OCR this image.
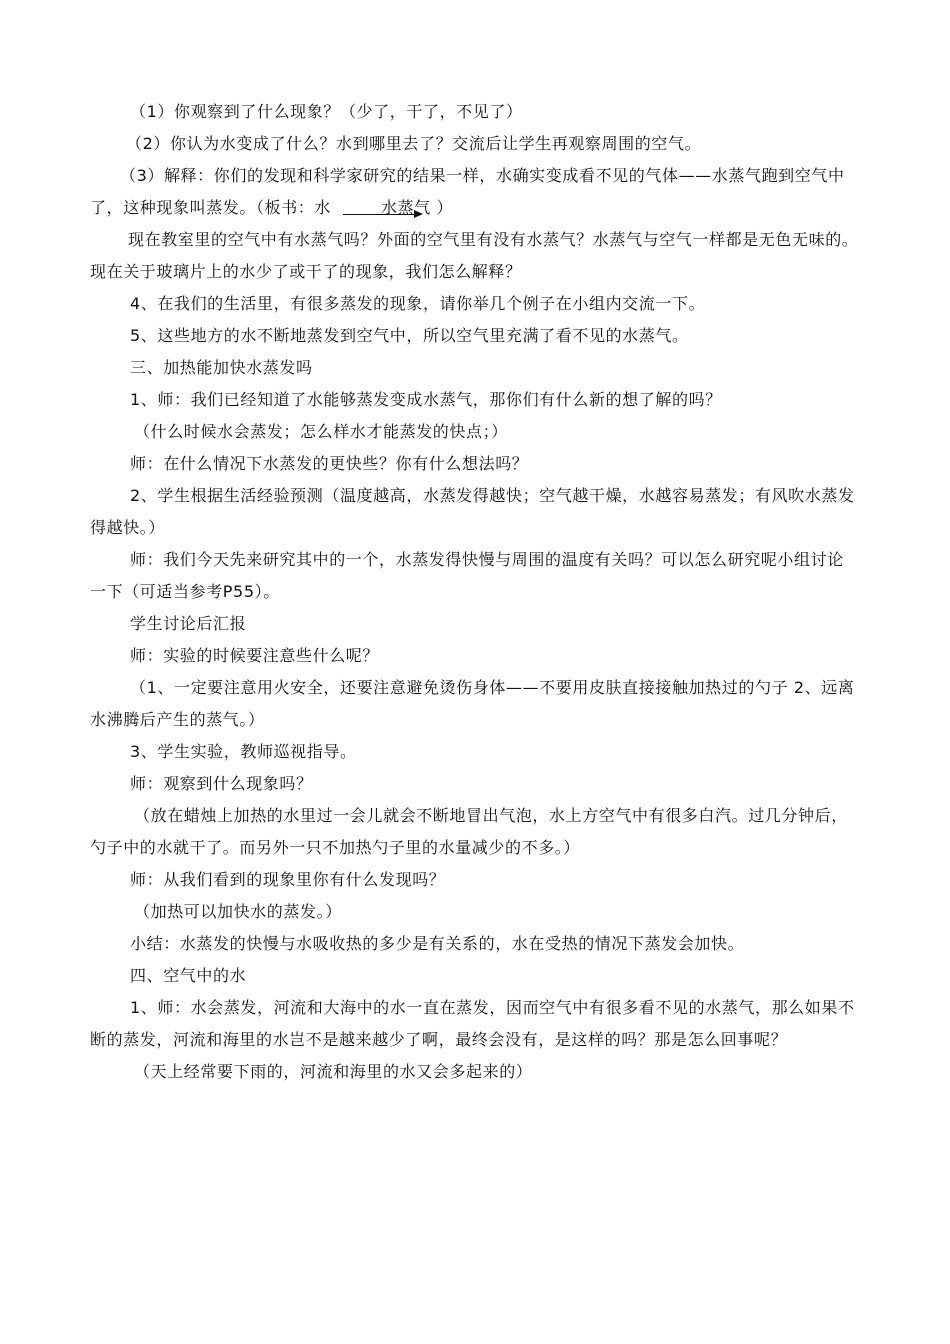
（1）你观察到了什么现象？（少了，干了，不见了）

（2）你认为水变成了什么？水到哪里去了？交流后让学生再观察周围的空气。

（3）解释：你们的发现和科学家研究的结果一样，水确实变成看不见的气体——水蒸气跑到空气中了，这种现象叫蒸发。（板书：水	水蒸气 ）

现在教室里的空气中有水蒸气吗？外面的空气里有没有水蒸气？水蒸气与空气一样都是无色无味的。现在关于玻璃片上的水少了或干了的现象，我们怎么解释？

4、在我们的生活里，有很多蒸发的现象，请你举几个例子在小组内交流一下。

5、这些地方的水不断地蒸发到空气中，所以空气里充满了看不见的水蒸气。

三、加热能加快水蒸发吗

1、师：我们已经知道了水能够蒸发变成水蒸气，那你们有什么新的想了解的吗？

（什么时候水会蒸发；怎么样水才能蒸发的快点；）

师：在什么情况下水蒸发的更快些？你有什么想法吗？

2、学生根据生活经验预测（温度越高，水蒸发得越快；空气越干燥，水越容易蒸发；有风吹水蒸发得越快。）

师：我们今天先来研究其中的一个，水蒸发得快慢与周围的温度有关吗？可以怎么研究呢小组讨论一下（可适当参考P55）。

学生讨论后汇报

师：实验的时候要注意些什么呢？

（1、一定要注意用火安全，还要注意避免烫伤身体——不要用皮肤直接接触加热过的勺子 2、远离水沸腾后产生的蒸气。）

3、学生实验，教师巡视指导。

师：观察到什么现象吗？

（放在蜡烛上加热的水里过一会儿就会不断地冒出气泡，水上方空气中有很多白汽。过几分钟后，勺子中的水就干了。而另外一只不加热勺子里的水量减少的不多。）

师：从我们看到的现象里你有什么发现吗？

（加热可以加快水的蒸发。）

小结：水蒸发的快慢与水吸收热的多少是有关系的，水在受热的情况下蒸发会加快。

四、空气中的水

1、师：水会蒸发，河流和大海中的水一直在蒸发，因而空气中有很多看不见的水蒸气，那么如果不断的蒸发，河流和海里的水岂不是越来越少了啊，最终会没有，是这样的吗？那是怎么回事呢？

（天上经常要下雨的，河流和海里的水又会多起来的）
